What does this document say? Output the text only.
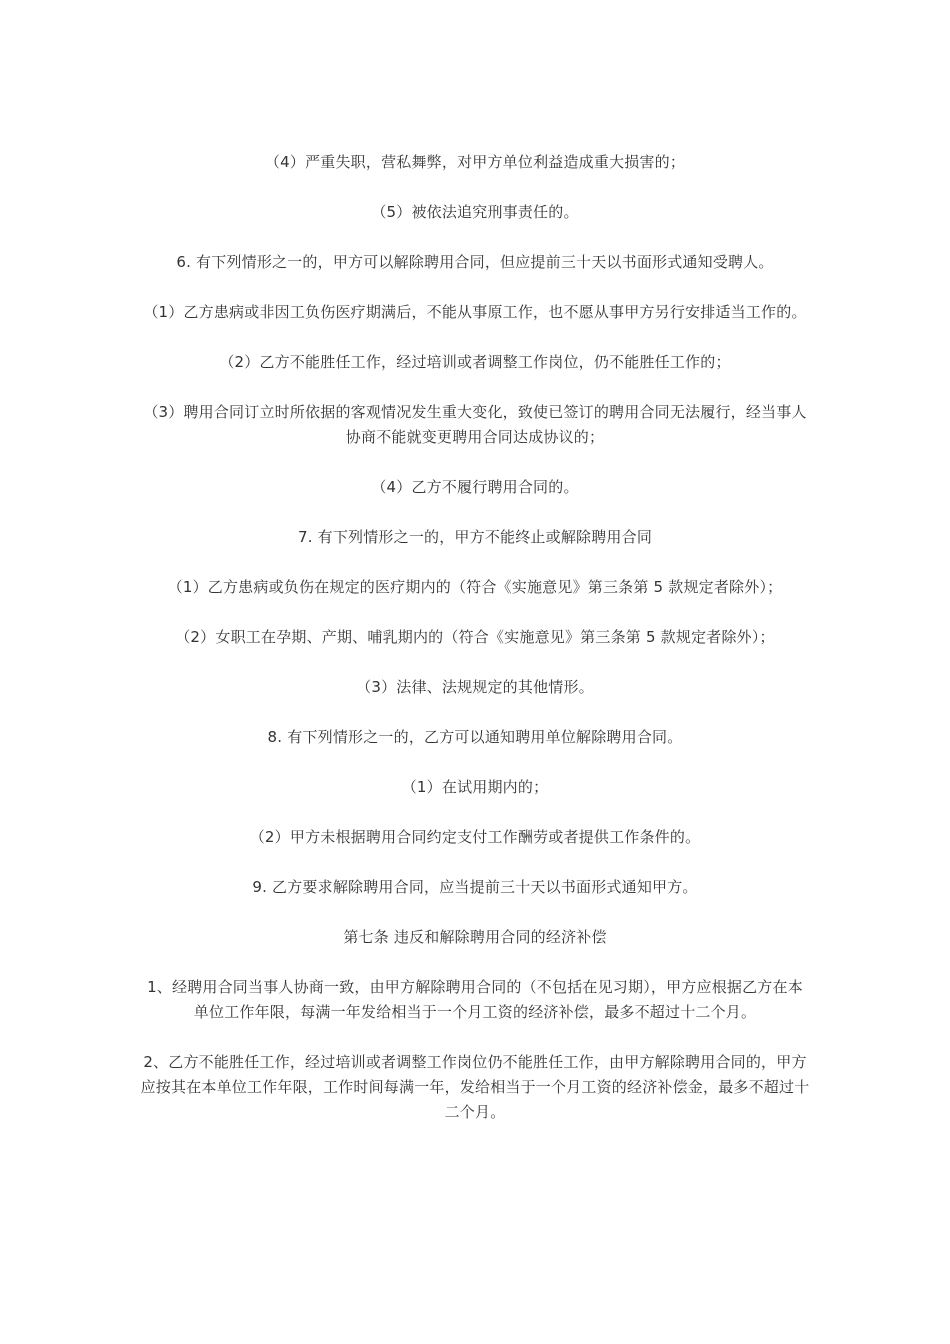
（4）严重失职，营私舞弊，对甲方单位利益造成重大损害的；

（5）被依法追究刑事责任的。

6. 有下列情形之一的，甲方可以解除聘用合同，但应提前三十天以书面形式通知受聘人。

（1）乙方患病或非因工负伤医疗期满后，不能从事原工作，也不愿从事甲方另行安排适当工作的。

（2）乙方不能胜任工作，经过培训或者调整工作岗位，仍不能胜任工作的；

（3）聘用合同订立时所依据的客观情况发生重大变化，致使已签订的聘用合同无法履行，经当事人协商不能就变更聘用合同达成协议的；

（4）乙方不履行聘用合同的。

7. 有下列情形之一的，甲方不能终止或解除聘用合同

（1）乙方患病或负伤在规定的医疗期内的（符合《实施意见》第三条第 5 款规定者除外）；

（2）女职工在孕期、产期、哺乳期内的（符合《实施意见》第三条第 5 款规定者除外）；

（3）法律、法规规定的其他情形。

8. 有下列情形之一的，乙方可以通知聘用单位解除聘用合同。

（1）在试用期内的；

（2）甲方未根据聘用合同约定支付工作酬劳或者提供工作条件的。

9. 乙方要求解除聘用合同，应当提前三十天以书面形式通知甲方。

第七条 违反和解除聘用合同的经济补偿

1、经聘用合同当事人协商一致，由甲方解除聘用合同的（不包括在见习期），甲方应根据乙方在本单位工作年限，每满一年发给相当于一个月工资的经济补偿，最多不超过十二个月。

2、乙方不能胜任工作，经过培训或者调整工作岗位仍不能胜任工作，由甲方解除聘用合同的，甲方应按其在本单位工作年限，工作时间每满一年，发给相当于一个月工资的经济补偿金，最多不超过十二个月。
